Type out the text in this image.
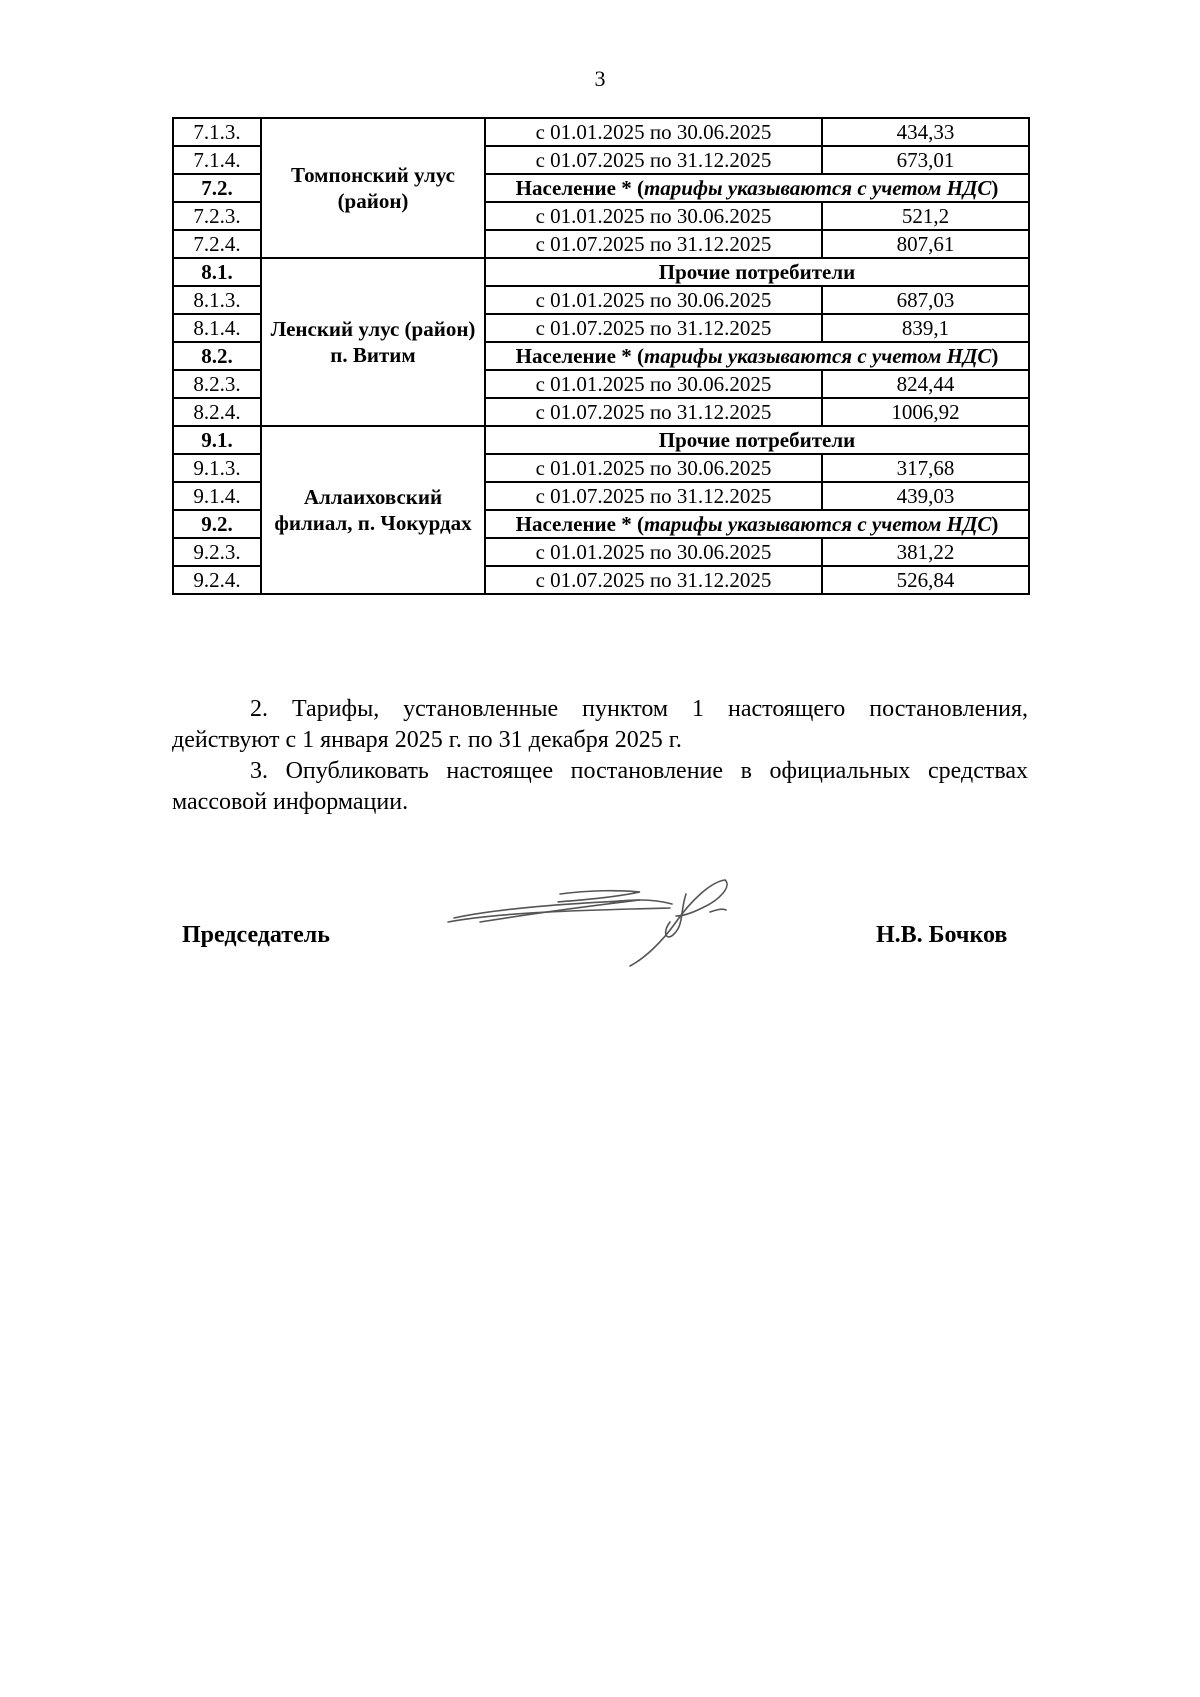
3
7.1.3.	Томпонский улус (район)	с 01.01.2025 по 30.06.2025	434,33
7.1.4.		с 01.07.2025 по 31.12.2025	673,01
7.2.		Население * (тарифы указываются с учетом НДС)	
7.2.3.		с 01.01.2025 по 30.06.2025	521,2
7.2.4.		с 01.07.2025 по 31.12.2025	807,61
8.1.	Ленский улус (район) п. Витим	Прочие потребители	
8.1.3.		с 01.01.2025 по 30.06.2025	687,03
8.1.4.		с 01.07.2025 по 31.12.2025	839,1
8.2.		Население * (тарифы указываются с учетом НДС)	
8.2.3.		с 01.01.2025 по 30.06.2025	824,44
8.2.4.		с 01.07.2025 по 31.12.2025	1006,92
9.1.	Аллаиховский филиал, п. Чокурдах	Прочие потребители	
9.1.3.		с 01.01.2025 по 30.06.2025	317,68
9.1.4.		с 01.07.2025 по 31.12.2025	439,03
9.2.		Население * (тарифы указываются с учетом НДС)	
9.2.3.		с 01.01.2025 по 30.06.2025	381,22
9.2.4.		с 01.07.2025 по 31.12.2025	526,84

2. Тарифы, установленные пунктом 1 настоящего постановления, действуют с 1 января 2025 г. по 31 декабря 2025 г.

3. Опубликовать настоящее постановление в официальных средствах массовой информации.

Председатель	Н.В. Бочков
